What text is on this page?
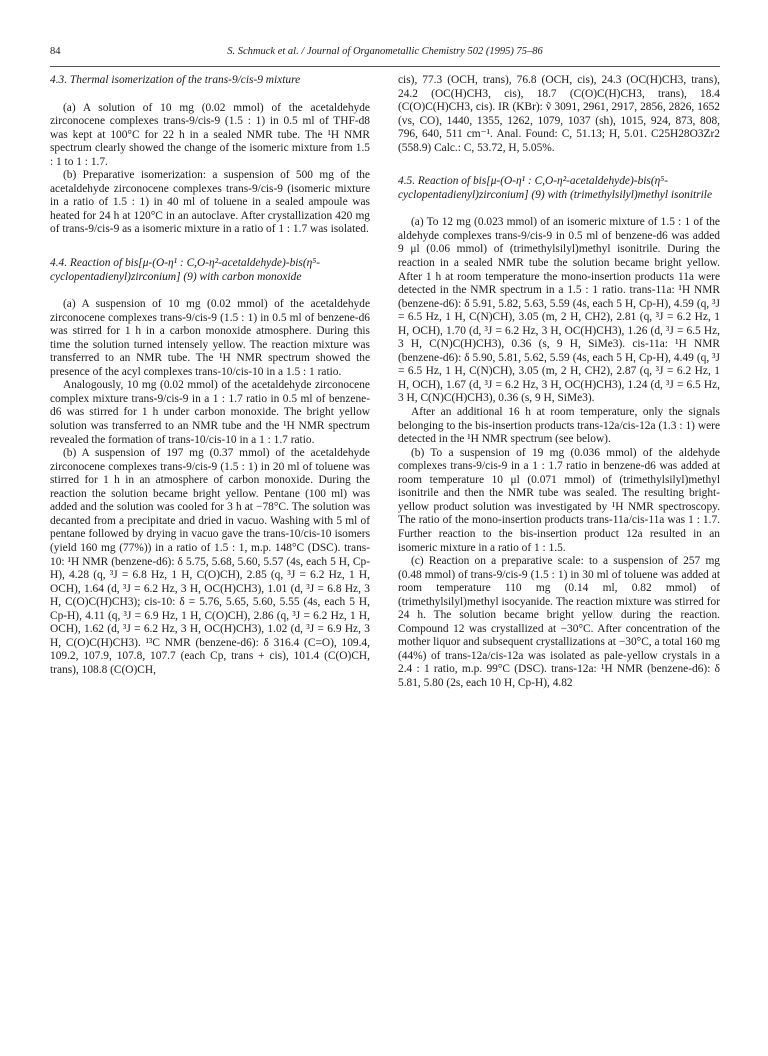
84	S. Schmuck et al. / Journal of Organometallic Chemistry 502 (1995) 75–86
4.3. Thermal isomerization of the trans-9/cis-9 mixture

(a) A solution of 10 mg (0.02 mmol) of the acetaldehyde zirconocene complexes trans-9/cis-9 (1.5 : 1) in 0.5 ml of THF-d8 was kept at 100°C for 22 h in a sealed NMR tube. The ¹H NMR spectrum clearly showed the change of the isomeric mixture from 1.5 : 1 to 1 : 1.7.

(b) Preparative isomerization: a suspension of 500 mg of the acetaldehyde zirconocene complexes trans-9/cis-9 (isomeric mixture in a ratio of 1.5 : 1) in 40 ml of toluene in a sealed ampoule was heated for 24 h at 120°C in an autoclave. After crystallization 420 mg of trans-9/cis-9 as a isomeric mixture in a ratio of 1 : 1.7 was isolated.

4.4. Reaction of bis[μ-(O-η¹ : C,O-η²-acetaldehyde)-bis(η⁵-cyclopentadienyl)zirconium] (9) with carbon monoxide

(a) A suspension of 10 mg (0.02 mmol) of the acetaldehyde zirconocene complexes trans-9/cis-9 (1.5 : 1) in 0.5 ml of benzene-d6 was stirred for 1 h in a carbon monoxide atmosphere. During this time the solution turned intensely yellow. The reaction mixture was transferred to an NMR tube. The ¹H NMR spectrum showed the presence of the acyl complexes trans-10/cis-10 in a 1.5 : 1 ratio.

Analogously, 10 mg (0.02 mmol) of the acetaldehyde zirconocene complex mixture trans-9/cis-9 in a 1 : 1.7 ratio in 0.5 ml of benzene-d6 was stirred for 1 h under carbon monoxide. The bright yellow solution was transferred to an NMR tube and the ¹H NMR spectrum revealed the formation of trans-10/cis-10 in a 1 : 1.7 ratio.

(b) A suspension of 197 mg (0.37 mmol) of the acetaldehyde zirconocene complexes trans-9/cis-9 (1.5 : 1) in 20 ml of toluene was stirred for 1 h in an atmosphere of carbon monoxide. During the reaction the solution became bright yellow. Pentane (100 ml) was added and the solution was cooled for 3 h at −78°C. The solution was decanted from a precipitate and dried in vacuo. Washing with 5 ml of pentane followed by drying in vacuo gave the trans-10/cis-10 isomers (yield 160 mg (77%)) in a ratio of 1.5 : 1, m.p. 148°C (DSC). trans-10: ¹H NMR (benzene-d6): δ 5.75, 5.68, 5.60, 5.57 (4s, each 5 H, Cp-H), 4.28 (q, ³J = 6.8 Hz, 1 H, C(O)CH), 2.85 (q, ³J = 6.2 Hz, 1 H, OCH), 1.64 (d, ³J = 6.2 Hz, 3 H, OC(H)CH3), 1.01 (d, ³J = 6.8 Hz, 3 H, C(O)C(H)CH3); cis-10: δ = 5.76, 5.65, 5.60, 5.55 (4s, each 5 H, Cp-H), 4.11 (q, ³J = 6.9 Hz, 1 H, C(O)CH), 2.86 (q, ³J = 6.2 Hz, 1 H, OCH), 1.62 (d, ³J = 6.2 Hz, 3 H, OC(H)CH3), 1.02 (d, ³J = 6.9 Hz, 3 H, C(O)C(H)CH3). ¹³C NMR (benzene-d6): δ 316.4 (C=O), 109.4, 109.2, 107.9, 107.8, 107.7 (each Cp, trans + cis), 101.4 (C(O)CH, trans), 108.8 (C(O)CH,

cis), 77.3 (OCH, trans), 76.8 (OCH, cis), 24.3 (OC(H)CH3, trans), 24.2 (OC(H)CH3, cis), 18.7 (C(O)C(H)CH3, trans), 18.4 (C(O)C(H)CH3, cis). IR (KBr): ṽ 3091, 2961, 2917, 2856, 2826, 1652 (vs, CO), 1440, 1355, 1262, 1079, 1037 (sh), 1015, 924, 873, 808, 796, 640, 511 cm⁻¹. Anal. Found: C, 51.13; H, 5.01. C25H28O3Zr2 (558.9) Calc.: C, 53.72, H, 5.05%.

4.5. Reaction of bis[μ-(O-η¹ : C,O-η²-acetaldehyde)-bis(η⁵-cyclopentadienyl)zirconium] (9) with (trimethylsilyl)methyl isonitrile

(a) To 12 mg (0.023 mmol) of an isomeric mixture of 1.5 : 1 of the aldehyde complexes trans-9/cis-9 in 0.5 ml of benzene-d6 was added 9 μl (0.06 mmol) of (trimethylsilyl)methyl isonitrile. During the reaction in a sealed NMR tube the solution became bright yellow. After 1 h at room temperature the mono-insertion products 11a were detected in the NMR spectrum in a 1.5 : 1 ratio. trans-11a: ¹H NMR (benzene-d6): δ 5.91, 5.82, 5.63, 5.59 (4s, each 5 H, Cp-H), 4.59 (q, ³J = 6.5 Hz, 1 H, C(N)CH), 3.05 (m, 2 H, CH2), 2.81 (q, ³J = 6.2 Hz, 1 H, OCH), 1.70 (d, ³J = 6.2 Hz, 3 H, OC(H)CH3), 1.26 (d, ³J = 6.5 Hz, 3 H, C(N)C(H)CH3), 0.36 (s, 9 H, SiMe3). cis-11a: ¹H NMR (benzene-d6): δ 5.90, 5.81, 5.62, 5.59 (4s, each 5 H, Cp-H), 4.49 (q, ³J = 6.5 Hz, 1 H, C(N)CH), 3.05 (m, 2 H, CH2), 2.87 (q, ³J = 6.2 Hz, 1 H, OCH), 1.67 (d, ³J = 6.2 Hz, 3 H, OC(H)CH3), 1.24 (d, ³J = 6.5 Hz, 3 H, C(N)C(H)CH3), 0.36 (s, 9 H, SiMe3).

After an additional 16 h at room temperature, only the signals belonging to the bis-insertion products trans-12a/cis-12a (1.3 : 1) were detected in the ¹H NMR spectrum (see below).

(b) To a suspension of 19 mg (0.036 mmol) of the aldehyde complexes trans-9/cis-9 in a 1 : 1.7 ratio in benzene-d6 was added at room temperature 10 μl (0.071 mmol) of (trimethylsilyl)methyl isonitrile and then the NMR tube was sealed. The resulting bright-yellow product solution was investigated by ¹H NMR spectroscopy. The ratio of the mono-insertion products trans-11a/cis-11a was 1 : 1.7. Further reaction to the bis-insertion product 12a resulted in an isomeric mixture in a ratio of 1 : 1.5.

(c) Reaction on a preparative scale: to a suspension of 257 mg (0.48 mmol) of trans-9/cis-9 (1.5 : 1) in 30 ml of toluene was added at room temperature 110 mg (0.14 ml, 0.82 mmol) of (trimethylsilyl)methyl isocyanide. The reaction mixture was stirred for 24 h. The solution became bright yellow during the reaction. Compound 12 was crystallized at −30°C. After concentration of the mother liquor and subsequent crystallizations at −30°C, a total 160 mg (44%) of trans-12a/cis-12a was isolated as pale-yellow crystals in a 2.4 : 1 ratio, m.p. 99°C (DSC). trans-12a: ¹H NMR (benzene-d6): δ 5.81, 5.80 (2s, each 10 H, Cp-H), 4.82
